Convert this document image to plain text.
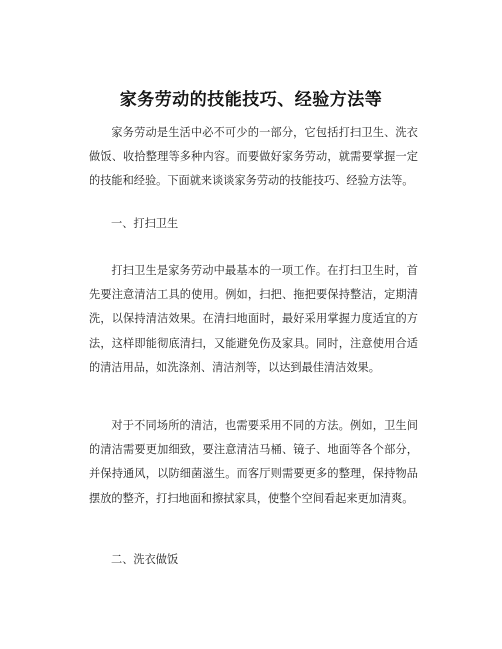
家务劳动的技能技巧、经验方法等

家务劳动是生活中必不可少的一部分，它包括打扫卫生、洗衣做饭、收拾整理等多种内容。而要做好家务劳动，就需要掌握一定的技能和经验。下面就来谈谈家务劳动的技能技巧、经验方法等。

一、打扫卫生

打扫卫生是家务劳动中最基本的一项工作。在打扫卫生时，首先要注意清洁工具的使用。例如，扫把、拖把要保持整洁，定期清洗，以保持清洁效果。在清扫地面时，最好采用掌握力度适宜的方法，这样即能彻底清扫，又能避免伤及家具。同时，注意使用合适的清洁用品，如洗涤剂、清洁剂等，以达到最佳清洁效果。

对于不同场所的清洁，也需要采用不同的方法。例如，卫生间的清洁需要更加细致，要注意清洁马桶、镜子、地面等各个部分，并保持通风，以防细菌滋生。而客厅则需要更多的整理，保持物品摆放的整齐，打扫地面和擦拭家具，使整个空间看起来更加清爽。

二、洗衣做饭
